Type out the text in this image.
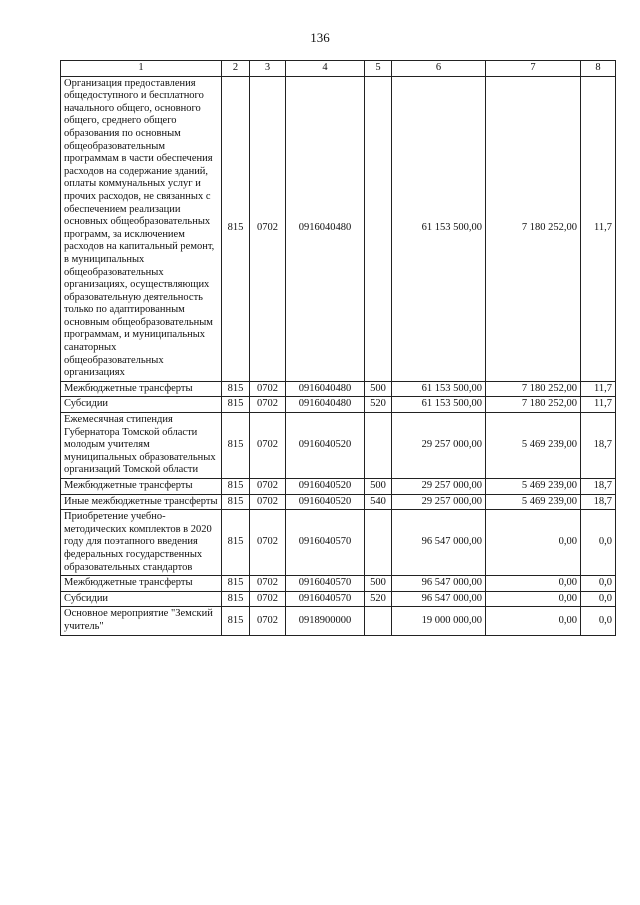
136
1	2	3	4	5	6	7	8
Организация предоставления общедоступного и бесплатного начального общего, основного общего, среднего общего образования по основным общеобразовательным программам в части обеспечения расходов на содержание зданий, оплаты коммунальных услуг и прочих расходов, не связанных с обеспечением реализации основных общеобразовательных программ, за исключением расходов на капитальный ремонт, в муниципальных общеобразовательных организациях, осуществляющих образовательную деятельность только по адаптированным основным общеобразовательным программам, и муниципальных санаторных общеобразовательных организациях	815	0702	0916040480		61 153 500,00	7 180 252,00	11,7
Межбюджетные трансферты	815	0702	0916040480	500	61 153 500,00	7 180 252,00	11,7
Субсидии	815	0702	0916040480	520	61 153 500,00	7 180 252,00	11,7
Ежемесячная стипендия Губернатора Томской области молодым учителям муниципальных образовательных организаций Томской области	815	0702	0916040520		29 257 000,00	5 469 239,00	18,7
Межбюджетные трансферты	815	0702	0916040520	500	29 257 000,00	5 469 239,00	18,7
Иные межбюджетные трансферты	815	0702	0916040520	540	29 257 000,00	5 469 239,00	18,7
Приобретение учебно-методических комплектов в 2020 году для поэтапного введения федеральных государственных образовательных стандартов	815	0702	0916040570		96 547 000,00	0,00	0,0
Межбюджетные трансферты	815	0702	0916040570	500	96 547 000,00	0,00	0,0
Субсидии	815	0702	0916040570	520	96 547 000,00	0,00	0,0
Основное мероприятие "Земский учитель"	815	0702	0918900000		19 000 000,00	0,00	0,0
